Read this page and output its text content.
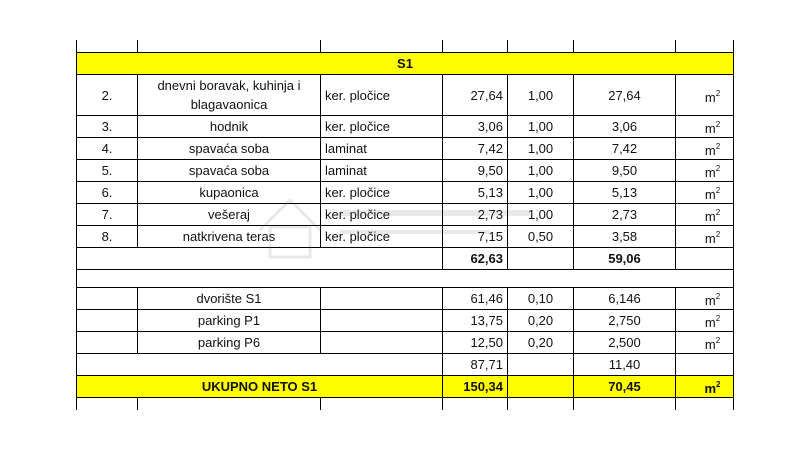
S1						
2.	dnevni boravak, kuhinja i blagavaonica	ker. pločice	27,64	1,00	27,64	$m^2$
3.	hodnik	ker. pločice	3,06	1,00	3,06	$m^2$
4.	spavaća soba	laminat	7,42	1,00	7,42	$m^2$
5.	spavaća soba	laminat	9,50	1,00	9,50	$m^2$
6.	kupaonica	ker. pločice	5,13	1,00	5,13	$m^2$
7.	vešeraj	ker. pločice	2,73	1,00	2,73	$m^2$
8.	natkrivena teras	ker. pločice	7,15	0,50	3,58	$m^2$
			62,63		59,06	

	dvorište S1		61,46	0,10	6,146	$m^2$
	parking P1		13,75	0,20	2,750	$m^2$
	parking P6		12,50	0,20	2,500	$m^2$
			87,71		11,40	
UKUPNO NETO S1			150,34		70,45	$m^2$
